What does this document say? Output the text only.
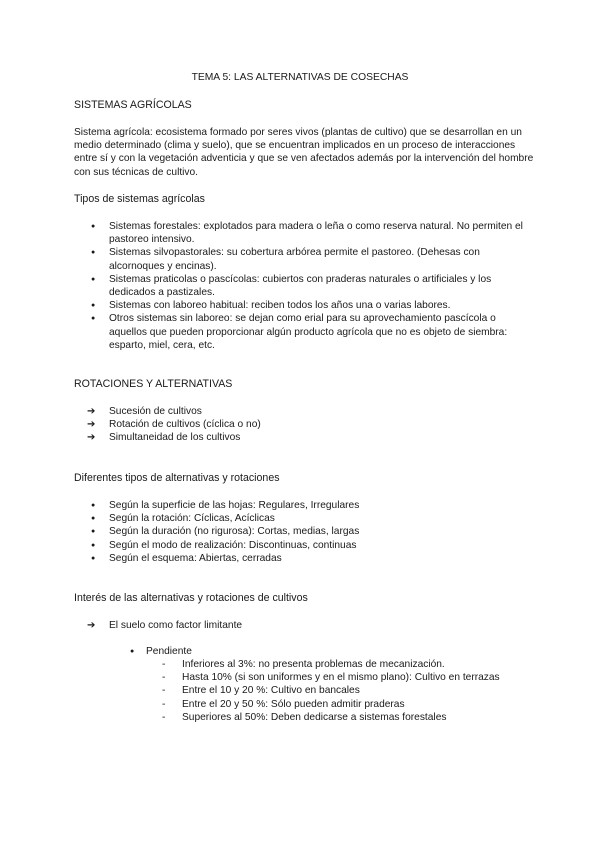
TEMA 5: LAS ALTERNATIVAS DE COSECHAS
SISTEMAS AGRÍCOLAS
Sistema agrícola: ecosistema formado por seres vivos (plantas de cultivo) que se desarrollan en un medio determinado (clima y suelo), que se encuentran implicados en un proceso de interacciones entre sí y con la vegetación adventicia y que se ven afectados además por la intervención del hombre con sus técnicas de cultivo.
Tipos de sistemas agrícolas
● Sistemas forestales: explotados para madera o leña o como reserva natural. No permiten el pastoreo intensivo.
● Sistemas silvopastorales: su cobertura arbórea permite el pastoreo. (Dehesas con alcornoques y encinas).
● Sistemas praticolas o pascícolas: cubiertos con praderas naturales o artificiales y los dedicados a pastizales.
● Sistemas con laboreo habitual: reciben todos los años una o varias labores.
● Otros sistemas sin laboreo: se dejan como erial para su aprovechamiento pascícola o aquellos que pueden proporcionar algún producto agrícola que no es objeto de siembra: esparto, miel, cera, etc.
ROTACIONES Y ALTERNATIVAS
➔ Sucesión de cultivos
➔ Rotación de cultivos (cíclica o no)
➔ Simultaneidad de los cultivos
Diferentes tipos de alternativas y rotaciones
● Según la superficie de las hojas: Regulares, Irregulares
● Según la rotación: Cíclicas, Acíclicas
● Según la duración (no rigurosa): Cortas, medias, largas
● Según el modo de realización: Discontinuas, continuas
● Según el esquema: Abiertas, cerradas
Interés de las alternativas y rotaciones de cultivos
➔ El suelo como factor limitante
● Pendiente
- Inferiores al 3%: no presenta problemas de mecanización.
- Hasta 10% (si son uniformes y en el mismo plano): Cultivo en terrazas
- Entre el 10 y 20 %: Cultivo en bancales
- Entre el 20 y 50 %: Sólo pueden admitir praderas
- Superiores al 50%: Deben dedicarse a sistemas forestales
